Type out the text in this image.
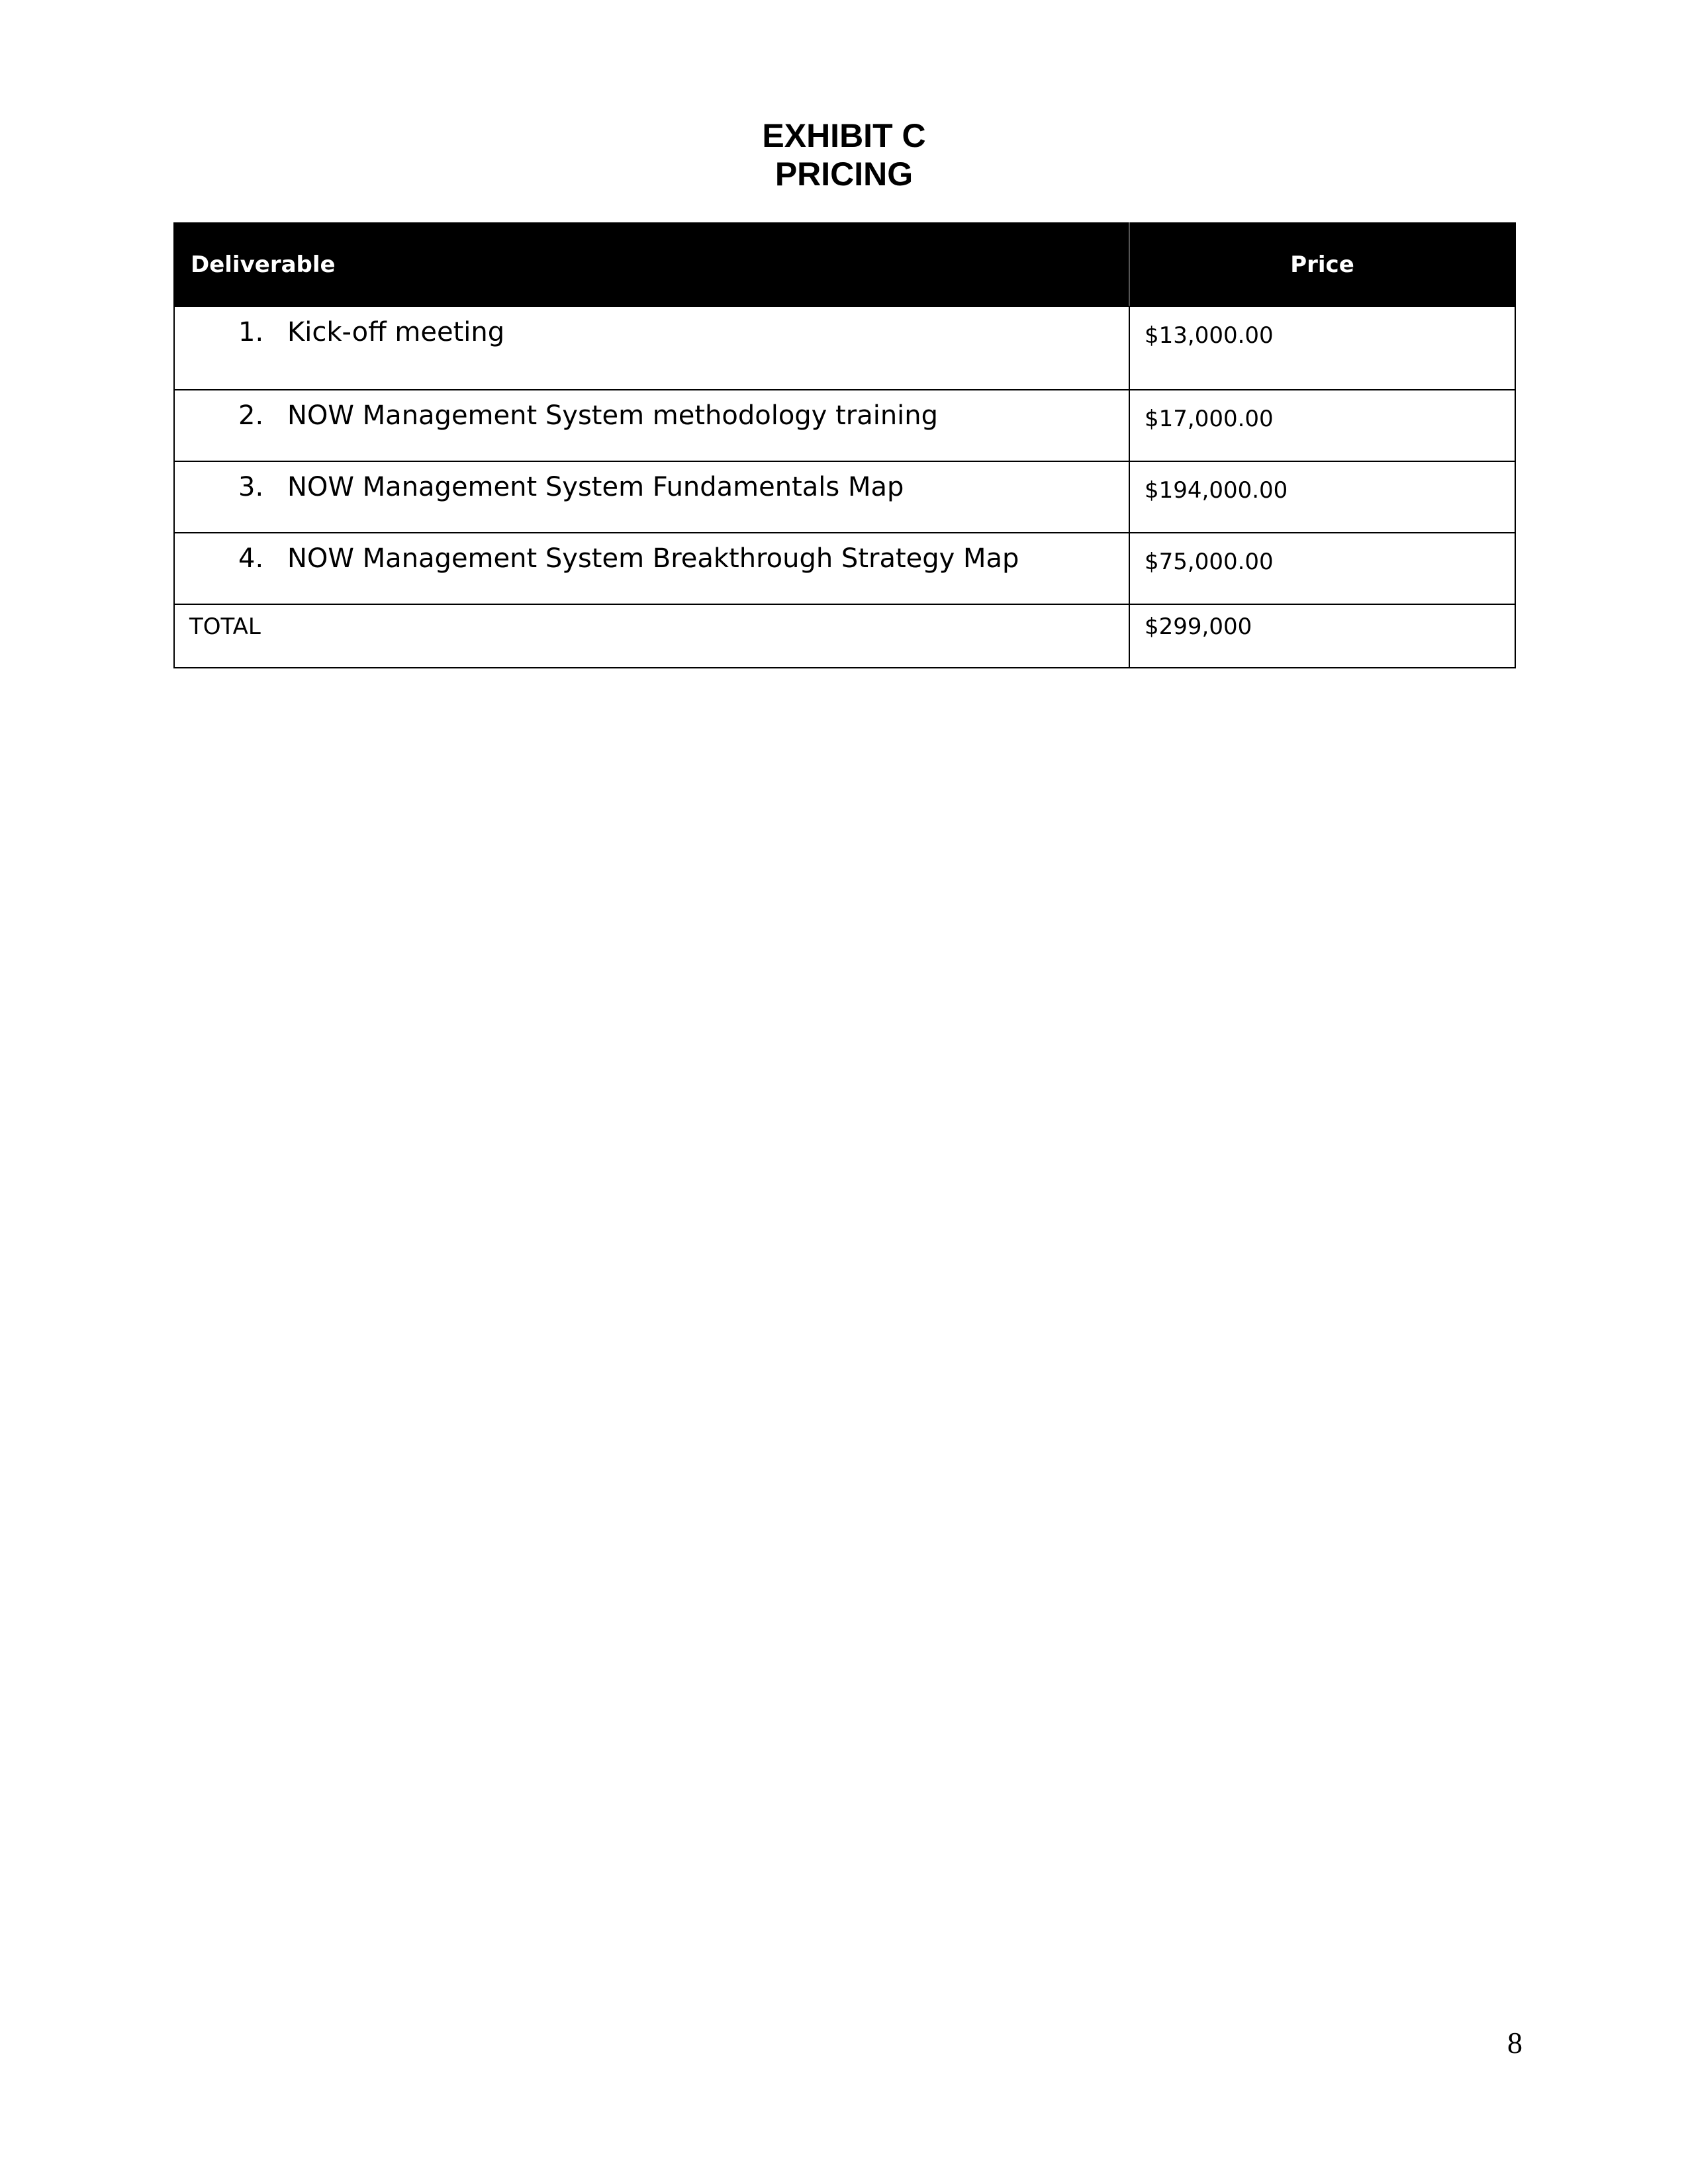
EXHIBIT C

PRICING

Deliverable	Price

1. Kick-off meeting	$13,000.00

2. NOW Management System methodology training	$17,000.00

3. NOW Management System Fundamentals Map	$194,000.00

4. NOW Management System Breakthrough Strategy Map	$75,000.00

TOTAL	$299,000
8
